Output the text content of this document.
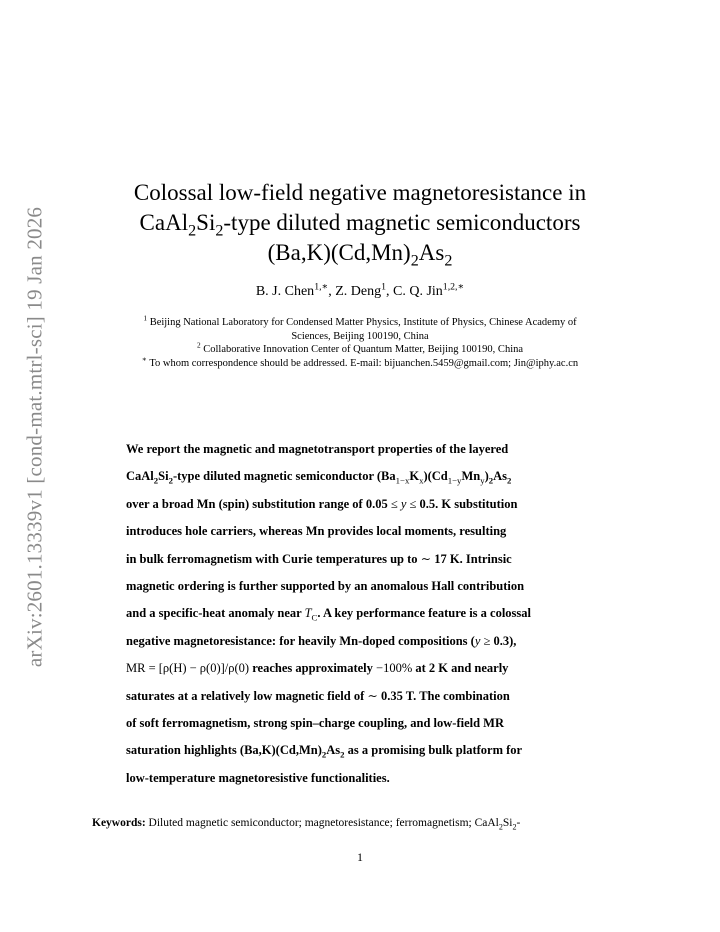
arXiv:2601.13339v1 [cond-mat.mtrl-sci] 19 Jan 2026
Colossal low-field negative magnetoresistance in
$CaAl_2Si_2$-type diluted magnetic semiconductors
$(Ba,K)(Cd,Mn)_2As_2$
B. J. Chen$^{1,∗}$, Z. Deng$^1$, C. Q. Jin$^{1,2,∗}$
$^1$ Beijing National Laboratory for Condensed Matter Physics, Institute of Physics, Chinese Academy of
Sciences, Beijing 100190, China
$^2$ Collaborative Innovation Center of Quantum Matter, Beijing 100190, China
∗ To whom correspondence should be addressed. E-mail: bijuanchen.5459@gmail.com; Jin@iphy.ac.cn
We report the magnetic and magnetotransport properties of the layered
$CaAl_2Si_2$-type diluted magnetic semiconductor $(Ba_{1-x}K_x)(Cd_{1-y}Mn_y)_2As_2$
over a broad Mn (spin) substitution range of 0.05 ≤ y ≤ 0.5. K substitution
introduces hole carriers, whereas Mn provides local moments, resulting
in bulk ferromagnetism with Curie temperatures up to ∼ 17 K. Intrinsic
magnetic ordering is further supported by an anomalous Hall contribution
and a specific-heat anomaly near $T_C$. A key performance feature is a colossal
negative magnetoresistance: for heavily Mn-doped compositions (y ≥ 0.3),
MR = [ρ(H) − ρ(0)]/ρ(0) reaches approximately −100% at 2 K and nearly
saturates at a relatively low magnetic field of ∼ 0.35 T. The combination
of soft ferromagnetism, strong spin–charge coupling, and low-field MR
saturation highlights $(Ba,K)(Cd,Mn)_2As_2$ as a promising bulk platform for
low-temperature magnetoresistive functionalities.
Keywords: Diluted magnetic semiconductor; magnetoresistance; ferromagnetism; $CaAl_2Si_2-$
1
